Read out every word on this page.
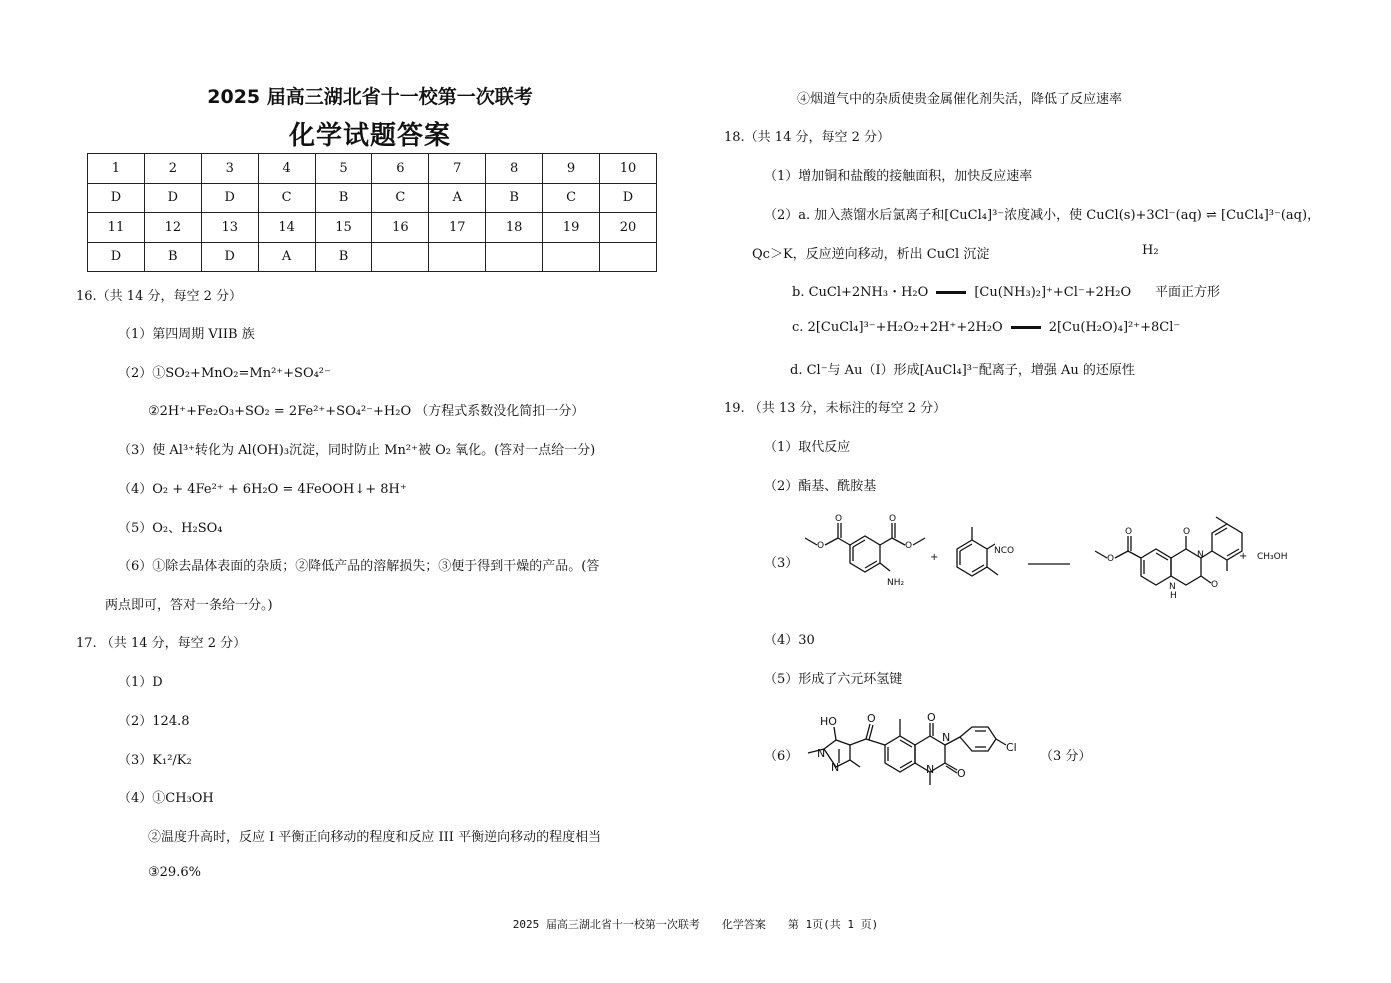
2025 届高三湖北省十一校第一次联考
化学试题答案
1	2	3	4	5	6	7	8	9	10
D	D	D	C	B	C	A	B	C	D
11	12	13	14	15	16	17	18	19	20
D	B	D	A	B					
16.（共 14 分，每空 2 分）
（1）第四周期 VIIB 族
（2）①SO₂+MnO₂=Mn²⁺+SO₄²⁻
②2H⁺+Fe₂O₃+SO₂ = 2Fe²⁺+SO₄²⁻+H₂O （方程式系数没化简扣一分）
（3）使 Al³⁺转化为 Al(OH)₃沉淀，同时防止 Mn²⁺被 O₂ 氧化。(答对一点给一分)
（4）O₂ + 4Fe²⁺ + 6H₂O = 4FeOOH↓+ 8H⁺
（5）O₂、H₂SO₄
（6）①除去晶体表面的杂质；②降低产品的溶解损失；③便于得到干燥的产品。(答
两点即可，答对一条给一分。)
17. （共 14 分，每空 2 分）
（1）D
（2）124.8
（3）K₁²/K₂
（4）①CH₃OH
②温度升高时，反应 I 平衡正向移动的程度和反应 III 平衡逆向移动的程度相当
③29.6%
④烟道气中的杂质使贵金属催化剂失活，降低了反应速率
18.（共 14 分，每空 2 分）
（1）增加铜和盐酸的接触面积，加快反应速率
（2）a. 加入蒸馏水后氯离子和[CuCl₄]³⁻浓度减小，使 CuCl(s)+3Cl⁻(aq) ⇌ [CuCl₄]³⁻(aq)，
Qc＞K，反应逆向移动，析出 CuCl 沉淀	H₂
b. CuCl+2NH₃・H₂O	[Cu(NH₃)₂]⁺+Cl⁻+2H₂O 平面正方形
c. 2[CuCl₄]³⁻+H₂O₂+2H⁺+2H₂O	2[Cu(H₂O)₄]²⁺+8Cl⁻
d. Cl⁻与 Au（Ⅰ）形成[AuCl₄]³⁻配离子，增强 Au 的还原性
19. （共 13 分，未标注的每空 2 分）
（1）取代反应
（2）酯基、酰胺基
（3）
O
O
O
O
NH₂
+
NCO
O
O	O
N
O
N
H
+ CH₃OH
（4）30
（5）形成了六元环氢键
（6）	（3 分）
HO	O	O
N
O
N
N
N
Cl
2025 届高三湖北省十一校第一次联考　　化学答案　　第 1页(共 1 页)
